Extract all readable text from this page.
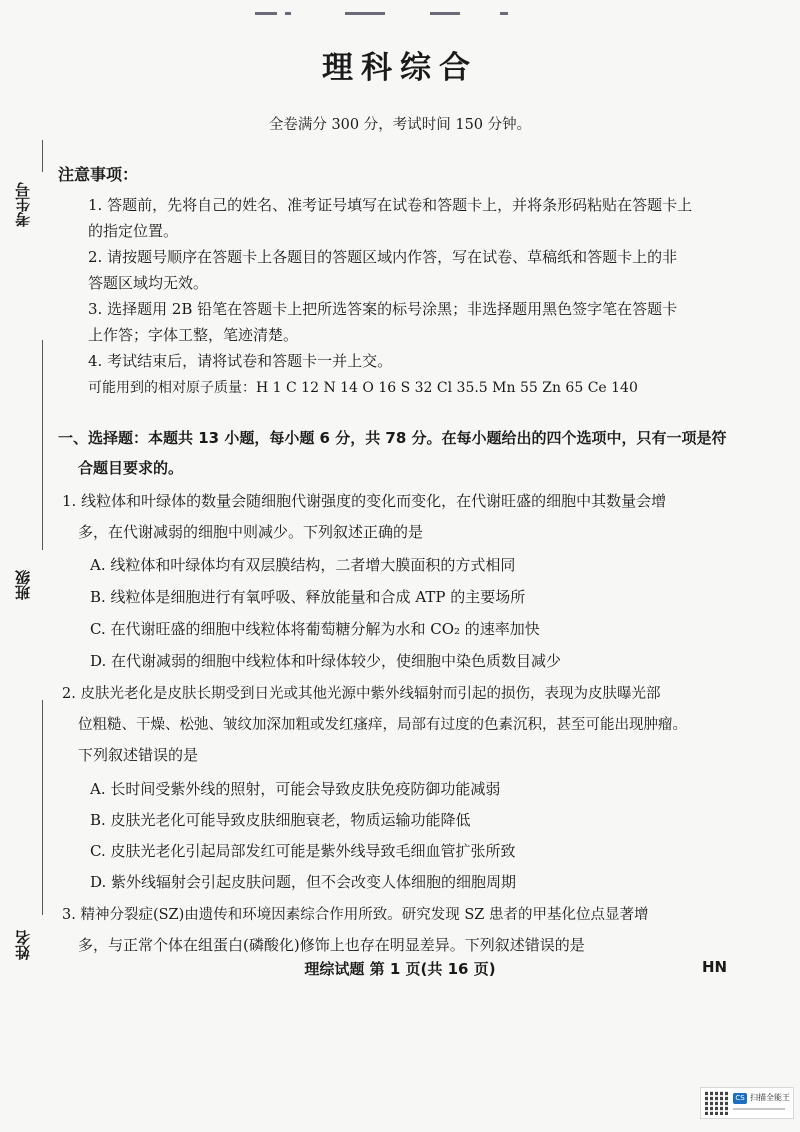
理科综合
全卷满分 300 分，考试时间 150 分钟。
考生号
班级
姓名
注意事项：
1. 答题前，先将自己的姓名、准考证号填写在试卷和答题卡上，并将条形码粘贴在答题卡上
的指定位置。
2. 请按题号顺序在答题卡上各题目的答题区域内作答，写在试卷、草稿纸和答题卡上的非
答题区域均无效。
3. 选择题用 2B 铅笔在答题卡上把所选答案的标号涂黑；非选择题用黑色签字笔在答题卡
上作答；字体工整，笔迹清楚。
4. 考试结束后，请将试卷和答题卡一并上交。
可能用到的相对原子质量：H 1 C 12 N 14 O 16 S 32 Cl 35.5 Mn 55 Zn 65 Ce 140
一、选择题：本题共 13 小题，每小题 6 分，共 78 分。在每小题给出的四个选项中，只有一项是符
合题目要求的。
1. 线粒体和叶绿体的数量会随细胞代谢强度的变化而变化，在代谢旺盛的细胞中其数量会增
多，在代谢减弱的细胞中则减少。下列叙述正确的是
A. 线粒体和叶绿体均有双层膜结构，二者增大膜面积的方式相同
B. 线粒体是细胞进行有氧呼吸、释放能量和合成 ATP 的主要场所
C. 在代谢旺盛的细胞中线粒体将葡萄糖分解为水和 CO₂ 的速率加快
D. 在代谢减弱的细胞中线粒体和叶绿体较少，使细胞中染色质数目减少
2. 皮肤光老化是皮肤长期受到日光或其他光源中紫外线辐射而引起的损伤，表现为皮肤曝光部
位粗糙、干燥、松弛、皱纹加深加粗或发红瘙痒，局部有过度的色素沉积，甚至可能出现肿瘤。
下列叙述错误的是
A. 长时间受紫外线的照射，可能会导致皮肤免疫防御功能减弱
B. 皮肤光老化可能导致皮肤细胞衰老，物质运输功能降低
C. 皮肤光老化引起局部发红可能是紫外线导致毛细血管扩张所致
D. 紫外线辐射会引起皮肤问题，但不会改变人体细胞的细胞周期
3. 精神分裂症(SZ)由遗传和环境因素综合作用所致。研究发现 SZ 患者的甲基化位点显著增
多，与正常个体在组蛋白(磷酸化)修饰上也存在明显差异。下列叙述错误的是
理综试题 第 1 页(共 16 页)	HN
CS 扫描全能王
